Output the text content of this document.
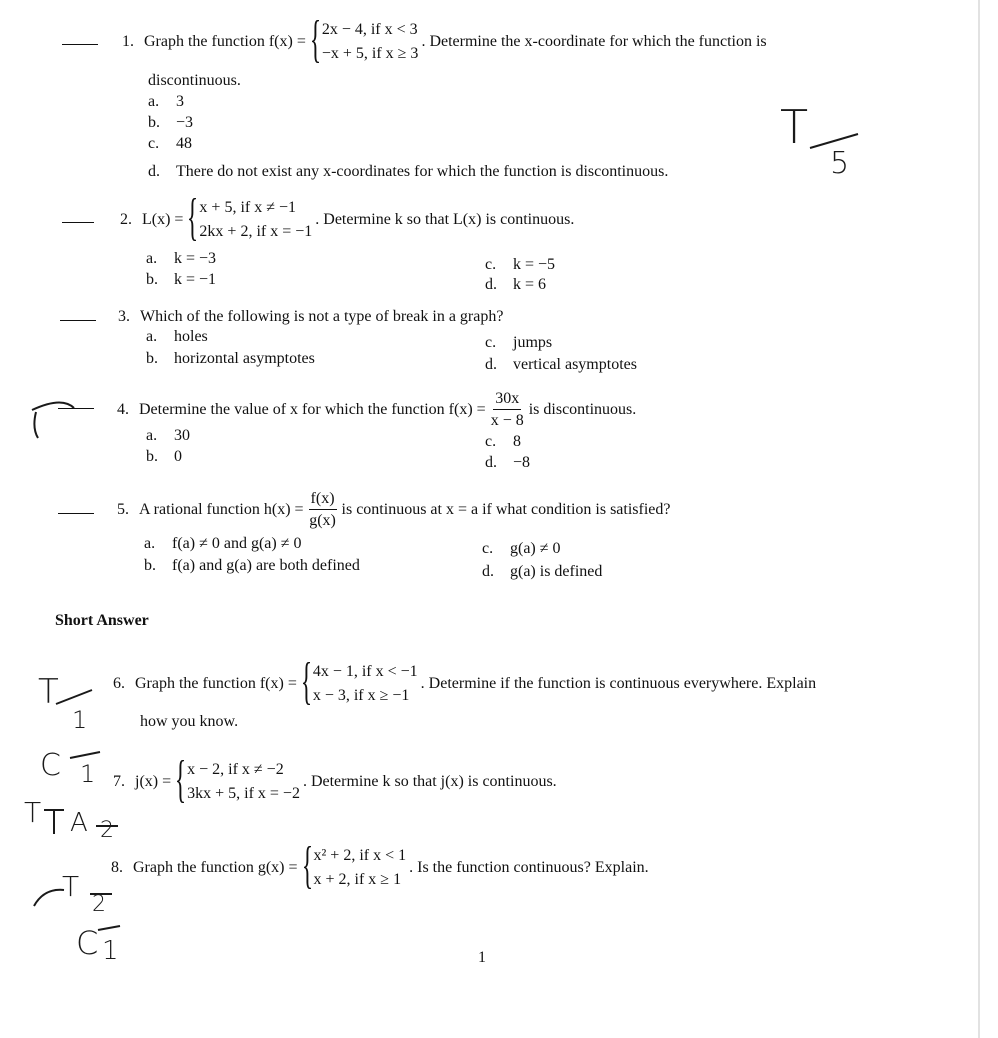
1. Graph the function f(x) = { 2x − 4, if x < 3
−x + 5, if x ≥ 3
. Determine the x-coordinate for which the function is
discontinuous.
a. 3
b. −3
c. 48
d. There do not exist any x-coordinates for which the function is discontinuous.
2. L(x) = { x + 5, if x ≠ −1
2kx + 2, if x = −1
. Determine k so that L(x) is continuous.
a. k = −3
b. k = −1
c. k = −5
d. k = 6
3. Which of the following is not a type of break in a graph?
a. holes
b. horizontal asymptotes
c. jumps
d. vertical asymptotes
4. Determine the value of x for which the function $f(x) = \frac{30x}{x - 8}$ is discontinuous.
a. 30
b. 0
c. 8
d. −8
5. A rational function $h(x) = \frac{f(x)}{g(x)}$ is continuous at x = a if what condition is satisfied?
a. f(a) ≠ 0 and g(a) ≠ 0
b. f(a) and g(a) are both defined
c. g(a) ≠ 0
d. g(a) is defined
Short Answer
6. Graph the function f(x) = { 4x − 1, if x < −1
x − 3, if x ≥ −1
. Determine if the function is continuous everywhere. Explain
how you know.
7. j(x) = { x − 2, if x ≠ −2
3kx + 5, if x = −2
. Determine k so that j(x) is continuous.
8. Graph the function g(x) = { x² + 2, if x < 1
x + 2, if x ≥ 1
. Is the function continuous? Explain.
1
T
5
T
1
C 1
T A 2
T
2
C 1
